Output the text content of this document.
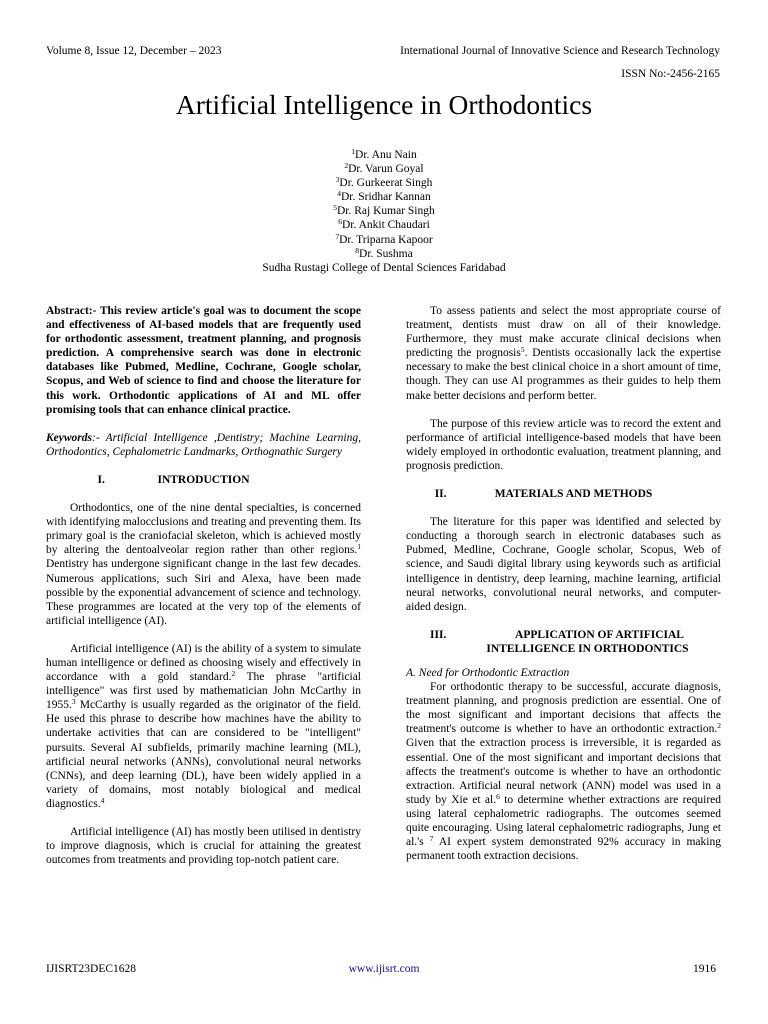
Volume 8, Issue 12, December – 2023	International Journal of Innovative Science and Research Technology
ISSN No:-2456-2165
Artificial Intelligence in Orthodontics
$^1$Dr. Anu Nain
$^2$Dr. Varun Goyal
$^3$Dr. Gurkeerat Singh
$^4$Dr. Sridhar Kannan
$^5$Dr. Raj Kumar Singh
$^6$Dr. Ankit Chaudari
$^7$Dr. Triparna Kapoor
$^8$Dr. Sushma
Sudha Rustagi College of Dental Sciences Faridabad

Abstract:- This review article's goal was to document the scope and effectiveness of AI-based models that are frequently used for orthodontic assessment, treatment planning, and prognosis prediction. A comprehensive search was done in electronic databases like Pubmed, Medline, Cochrane, Google scholar, Scopus, and Web of science to find and choose the literature for this work. Orthodontic applications of AI and ML offer promising tools that can enhance clinical practice.

Keywords:- Artificial Intelligence ,Dentistry; Machine Learning, Orthodontics, Cephalometric Landmarks, Orthognathic Surgery

I.	INTRODUCTION

Orthodontics, one of the nine dental specialties, is concerned with identifying malocclusions and treating and preventing them. Its primary goal is the craniofacial skeleton, which is achieved mostly by altering the dentoalveolar region rather than other regions.$^1$ Dentistry has undergone significant change in the last few decades. Numerous applications, such Siri and Alexa, have been made possible by the exponential advancement of science and technology. These programmes are located at the very top of the elements of artificial intelligence (AI).

Artificial intelligence (AI) is the ability of a system to simulate human intelligence or defined as choosing wisely and effectively in accordance with a gold standard.$^2$ The phrase "artificial intelligence" was first used by mathematician John McCarthy in 1955.$^3$ McCarthy is usually regarded as the originator of the field. He used this phrase to describe how machines have the ability to undertake activities that can are considered to be "intelligent" pursuits. Several AI subfields, primarily machine learning (ML), artificial neural networks (ANNs), convolutional neural networks (CNNs), and deep learning (DL), have been widely applied in a variety of domains, most notably biological and medical diagnostics.$^4$

Artificial intelligence (AI) has mostly been utilised in dentistry to improve diagnosis, which is crucial for attaining the greatest outcomes from treatments and providing top-notch patient care.

To assess patients and select the most appropriate course of treatment, dentists must draw on all of their knowledge. Furthermore, they must make accurate clinical decisions when predicting the prognosis$^5$. Dentists occasionally lack the expertise necessary to make the best clinical choice in a short amount of time, though. They can use AI programmes as their guides to help them make better decisions and perform better.

The purpose of this review article was to record the extent and performance of artificial intelligence-based models that have been widely employed in orthodontic evaluation, treatment planning, and prognosis prediction.

II.	MATERIALS AND METHODS

The literature for this paper was identified and selected by conducting a thorough search in electronic databases such as Pubmed, Medline, Cochrane, Google scholar, Scopus, Web of science, and Saudi digital library using keywords such as artificial intelligence in dentistry, deep learning, machine learning, artificial neural networks, convolutional neural networks, and computer-aided design.

III.	APPLICATION OF ARTIFICIAL
INTELLIGENCE IN ORTHODONTICS

A. Need for Orthodontic Extraction

For orthodontic therapy to be successful, accurate diagnosis, treatment planning, and prognosis prediction are essential. One of the most significant and important decisions that affects the treatment's outcome is whether to have an orthodontic extraction.$^2$ Given that the extraction process is irreversible, it is regarded as essential. One of the most significant and important decisions that affects the treatment's outcome is whether to have an orthodontic extraction. Artificial neural network (ANN) model was used in a study by Xie et al.$^6$ to determine whether extractions are required using lateral cephalometric radiographs. The outcomes seemed quite encouraging. Using lateral cephalometric radiographs, Jung et al.'s $^7$ AI expert system demonstrated 92% accuracy in making permanent tooth extraction decisions.

IJISRT23DEC1628	www.ijisrt.com	1916
